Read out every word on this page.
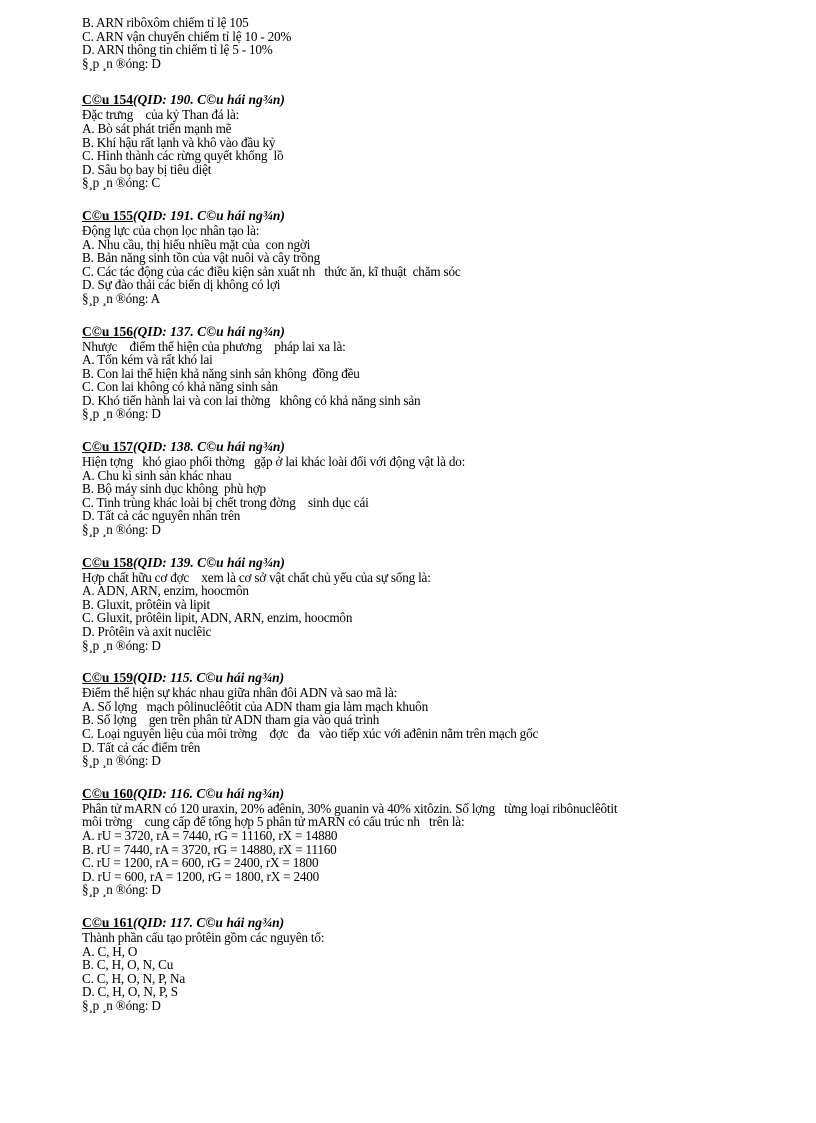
B. ARN ribôxôm chiếm tỉ lệ 105
C. ARN vận chuyển chiếm tỉ lệ 10 - 20%
D. ARN thông tin chiếm tỉ lệ 5 - 10%
§¸p ¸n ®óng: D
C©u 154(QID: 190. C©u hái ng¾n)
Đặc trưng    của kỷ Than đá là:
A. Bò sát phát triển mạnh mẽ
B. Khí hậu rất lạnh và khô vào đầu kỷ
C. Hình thành các rừng quyết khổng  lồ
D. Sâu bọ bay bị tiêu diệt
§¸p ¸n ®óng: C
C©u 155(QID: 191. C©u hái ng¾n)
Động lực của chọn lọc nhân tạo là:
A. Nhu cầu, thị hiếu nhiều mặt của  con ngời
B. Bản năng sinh tồn của vật nuôi và cây trồng
C. Các tác động của các điều kiện sản xuất nh   thức ăn, kĩ thuật  chăm sóc
D. Sự đào thải các biến dị không có lợi
§¸p ¸n ®óng: A
C©u 156(QID: 137. C©u hái ng¾n)
Nhược    điểm thể hiện của phương    pháp lai xa là:
A. Tốn kém và rất khó lai
B. Con lai thể hiện khả năng sinh sản không  đồng đều
C. Con lai không có khả năng sinh sản
D. Khó tiến hành lai và con lai thờng   không có khả năng sinh sản
§¸p ¸n ®óng: D
C©u 157(QID: 138. C©u hái ng¾n)
Hiện tợng   khó giao phối thờng   gặp ở lai khác loài đối với động vật là do:
A. Chu kì sinh sản khác nhau
B. Bộ máy sinh dục không  phù hợp
C. Tinh trùng khác loài bị chết trong đờng    sinh dục cái
D. Tất cả các nguyên nhân trên
§¸p ¸n ®óng: D
C©u 158(QID: 139. C©u hái ng¾n)
Hợp chất hữu cơ đợc    xem là cơ sở vật chất chủ yếu của sự sống là:
A. ADN, ARN, enzim, hoocmôn
B. Gluxit, prôtêin và lipit
C. Gluxit, prôtêin lipit, ADN, ARN, enzim, hoocmôn
D. Prôtêin và axit nuclêic
§¸p ¸n ®óng: D
C©u 159(QID: 115. C©u hái ng¾n)
Điểm thể hiện sự khác nhau giữa nhân đôi ADN và sao mã là:
A. Số lợng   mạch pôlinuclêôtit của ADN tham gia làm mạch khuôn
B. Số lợng    gen trên phân tử ADN tham gia vào quá trình
C. Loại nguyên liệu của môi trờng    đợc   đa   vào tiếp xúc với ađênin nằm trên mạch gốc
D. Tất cả các điểm trên
§¸p ¸n ®óng: D
C©u 160(QID: 116. C©u hái ng¾n)
Phân tử mARN có 120 uraxin, 20% ađênin, 30% guanin và 40% xitôzin. Số lợng   từng loại ribônuclêôtit
môi trờng    cung cấp để tổng hợp 5 phân tử mARN có cấu trúc nh   trên là:
A. rU = 3720, rA = 7440, rG = 11160, rX = 14880
B. rU = 7440, rA = 3720, rG = 14880, rX = 11160
C. rU = 1200, rA = 600, rG = 2400, rX = 1800
D. rU = 600, rA = 1200, rG = 1800, rX = 2400
§¸p ¸n ®óng: D
C©u 161(QID: 117. C©u hái ng¾n)
Thành phần cấu tạo prôtêin gồm các nguyên tố:
A. C, H, O
B. C, H, O, N, Cu
C. C, H, O, N, P, Na
D. C, H, O, N, P, S
§¸p ¸n ®óng: D
